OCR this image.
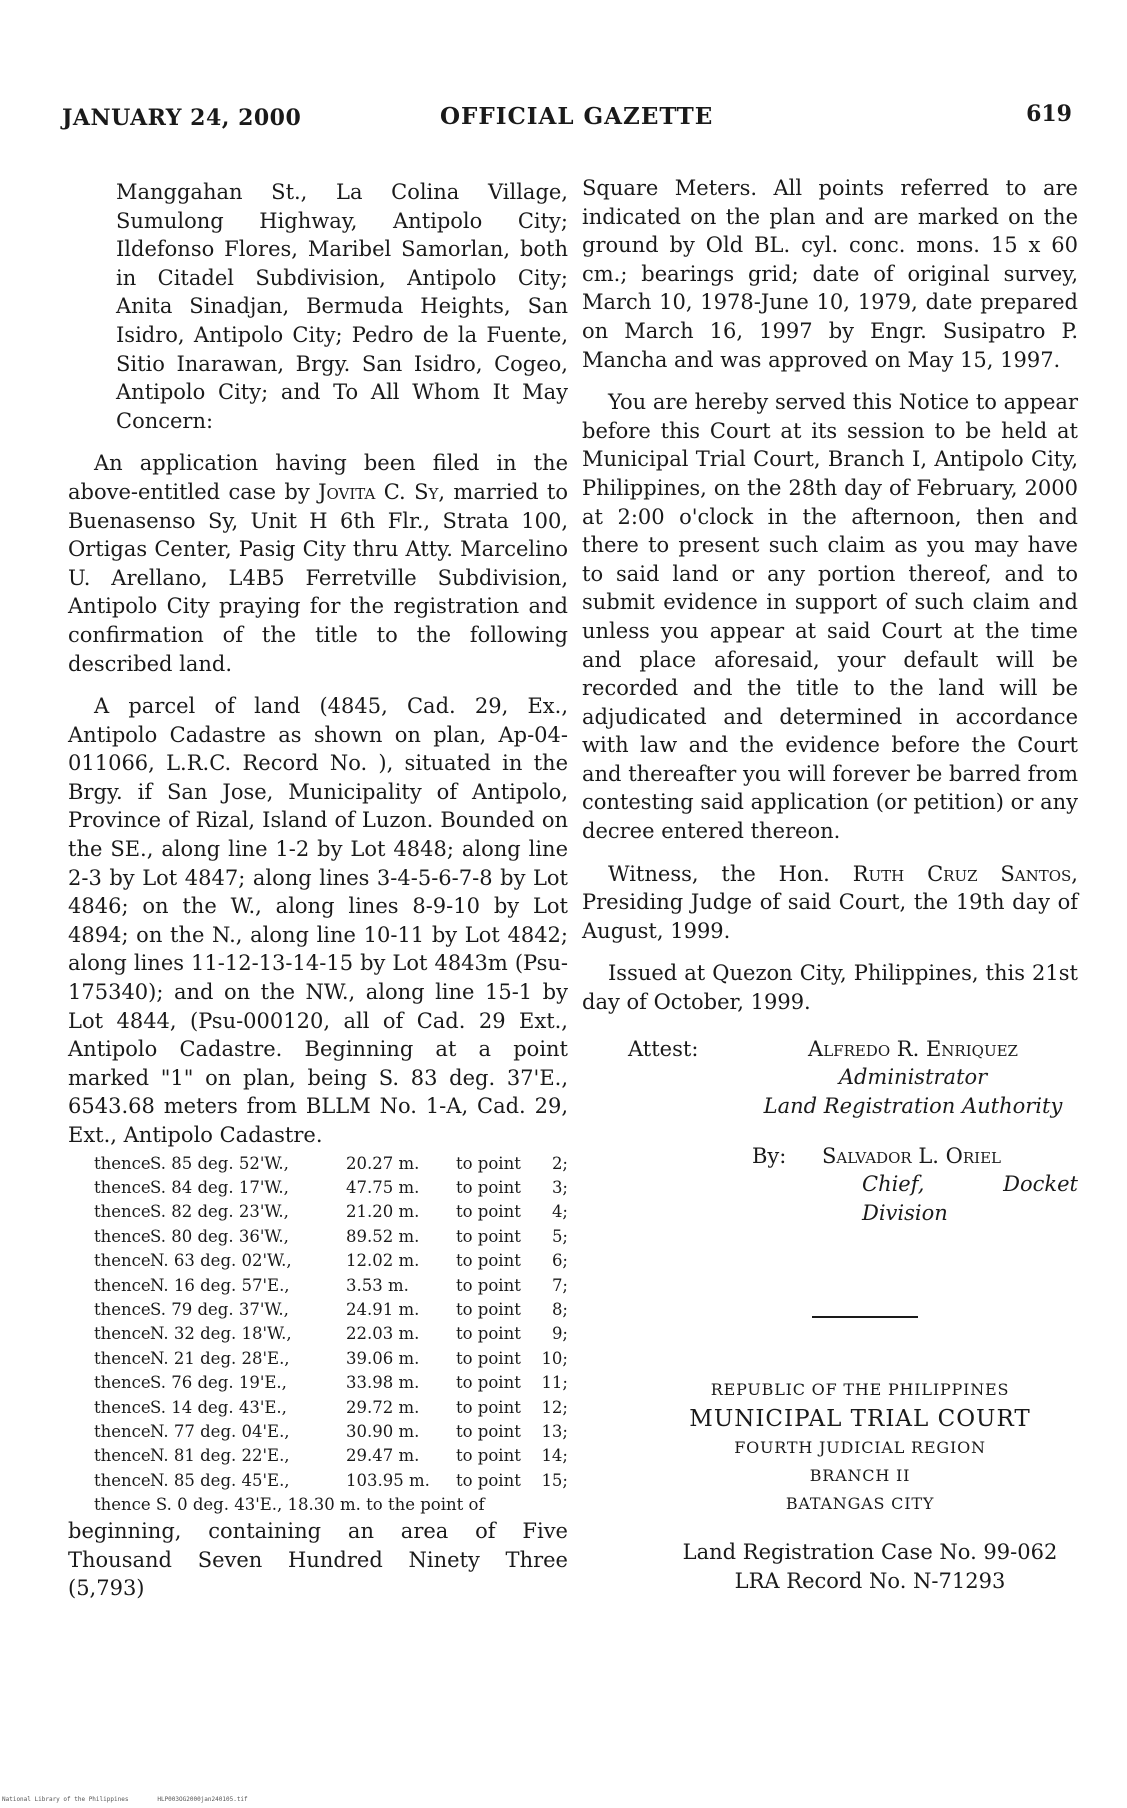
JANUARY 24, 2000	OFFICIAL GAZETTE	619

Manggahan St., La Colina Village, Sumulong Highway, Antipolo City; Ildefonso Flores, Maribel Samorlan, both in Citadel Subdivision, Antipolo City; Anita Sinadjan, Bermuda Heights, San Isidro, Antipolo City; Pedro de la Fuente, Sitio Inarawan, Brgy. San Isidro, Cogeo, Antipolo City; and To All Whom It May Concern:

An application having been filed in the above-entitled case by Jovita C. Sy, married to Buenasenso Sy, Unit H 6th Flr., Strata 100, Ortigas Center, Pasig City thru Atty. Marcelino U. Arellano, L4B5 Ferretville Subdivision, Antipolo City praying for the registration and confirmation of the title to the following described land.

A parcel of land (4845, Cad. 29, Ex., Antipolo Cadastre as shown on plan, Ap-04-011066, L.R.C. Record No. ), situated in the Brgy. if San Jose, Municipality of Antipolo, Province of Rizal, Island of Luzon. Bounded on the SE., along line 1-2 by Lot 4848; along line 2-3 by Lot 4847; along lines 3-4-5-6-7-8 by Lot 4846; on the W., along lines 8-9-10 by Lot 4894; on the N., along line 10-11 by Lot 4842; along lines 11-12-13-14-15 by Lot 4843m (Psu-175340); and on the NW., along line 15-1 by Lot 4844, (Psu-000120, all of Cad. 29 Ext., Antipolo Cadastre. Beginning at a point marked "1" on plan, being S. 83 deg. 37'E., 6543.68 meters from BLLM No. 1-A, Cad. 29, Ext., Antipolo Cadastre.

thence S. 85 deg. 52'W.,	20.27 m.	to point 2;
thence S. 84 deg. 17'W.,	47.75 m.	to point 3;
thence S. 82 deg. 23'W.,	21.20 m.	to point 4;
thence S. 80 deg. 36'W.,	89.52 m.	to point 5;
thence N. 63 deg. 02'W.,	12.02 m.	to point 6;
thence N. 16 deg. 57'E.,	3.53 m.	to point 7;
thence S. 79 deg. 37'W.,	24.91 m.	to point 8;
thence N. 32 deg. 18'W.,	22.03 m.	to point 9;
thence N. 21 deg. 28'E.,	39.06 m.	to point 10;
thence S. 76 deg. 19'E.,	33.98 m.	to point 11;
thence S. 14 deg. 43'E.,	29.72 m.	to point 12;
thence N. 77 deg. 04'E.,	30.90 m.	to point 13;
thence N. 81 deg. 22'E.,	29.47 m.	to point 14;
thence N. 85 deg. 45'E.,	103.95 m.	to point 15;
thence S. 0 deg. 43'E., 18.30 m. to the point of

beginning, containing an area of Five Thousand Seven Hundred Ninety Three (5,793)

Square Meters. All points referred to are indicated on the plan and are marked on the ground by Old BL. cyl. conc. mons. 15 x 60 cm.; bearings grid; date of original survey, March 10, 1978-June 10, 1979, date prepared on March 16, 1997 by Engr. Susipatro P. Mancha and was approved on May 15, 1997.

You are hereby served this Notice to appear before this Court at its session to be held at Municipal Trial Court, Branch I, Antipolo City, Philippines, on the 28th day of February, 2000 at 2:00 o'clock in the afternoon, then and there to present such claim as you may have to said land or any portion thereof, and to submit evidence in support of such claim and unless you appear at said Court at the time and place aforesaid, your default will be recorded and the title to the land will be adjudicated and determined in accordance with law and the evidence before the Court and thereafter you will forever be barred from contesting said application (or petition) or any decree entered thereon.

Witness, the Hon. Ruth Cruz Santos, Presiding Judge of said Court, the 19th day of August, 1999.

Issued at Quezon City, Philippines, this 21st day of October, 1999.

Attest:	Alfredo R. Enriquez
Administrator
Land Registration Authority
By: Salvador L. Oriel
Chief, Docket Division
REPUBLIC OF THE PHILIPPINES
MUNICIPAL TRIAL COURT
FOURTH JUDICIAL REGION
BRANCH II
BATANGAS CITY
Land Registration Case No. 99-062
LRA Record No. N-71293
National Library of the Philippines	HLP003OG2000jan240105.tif
